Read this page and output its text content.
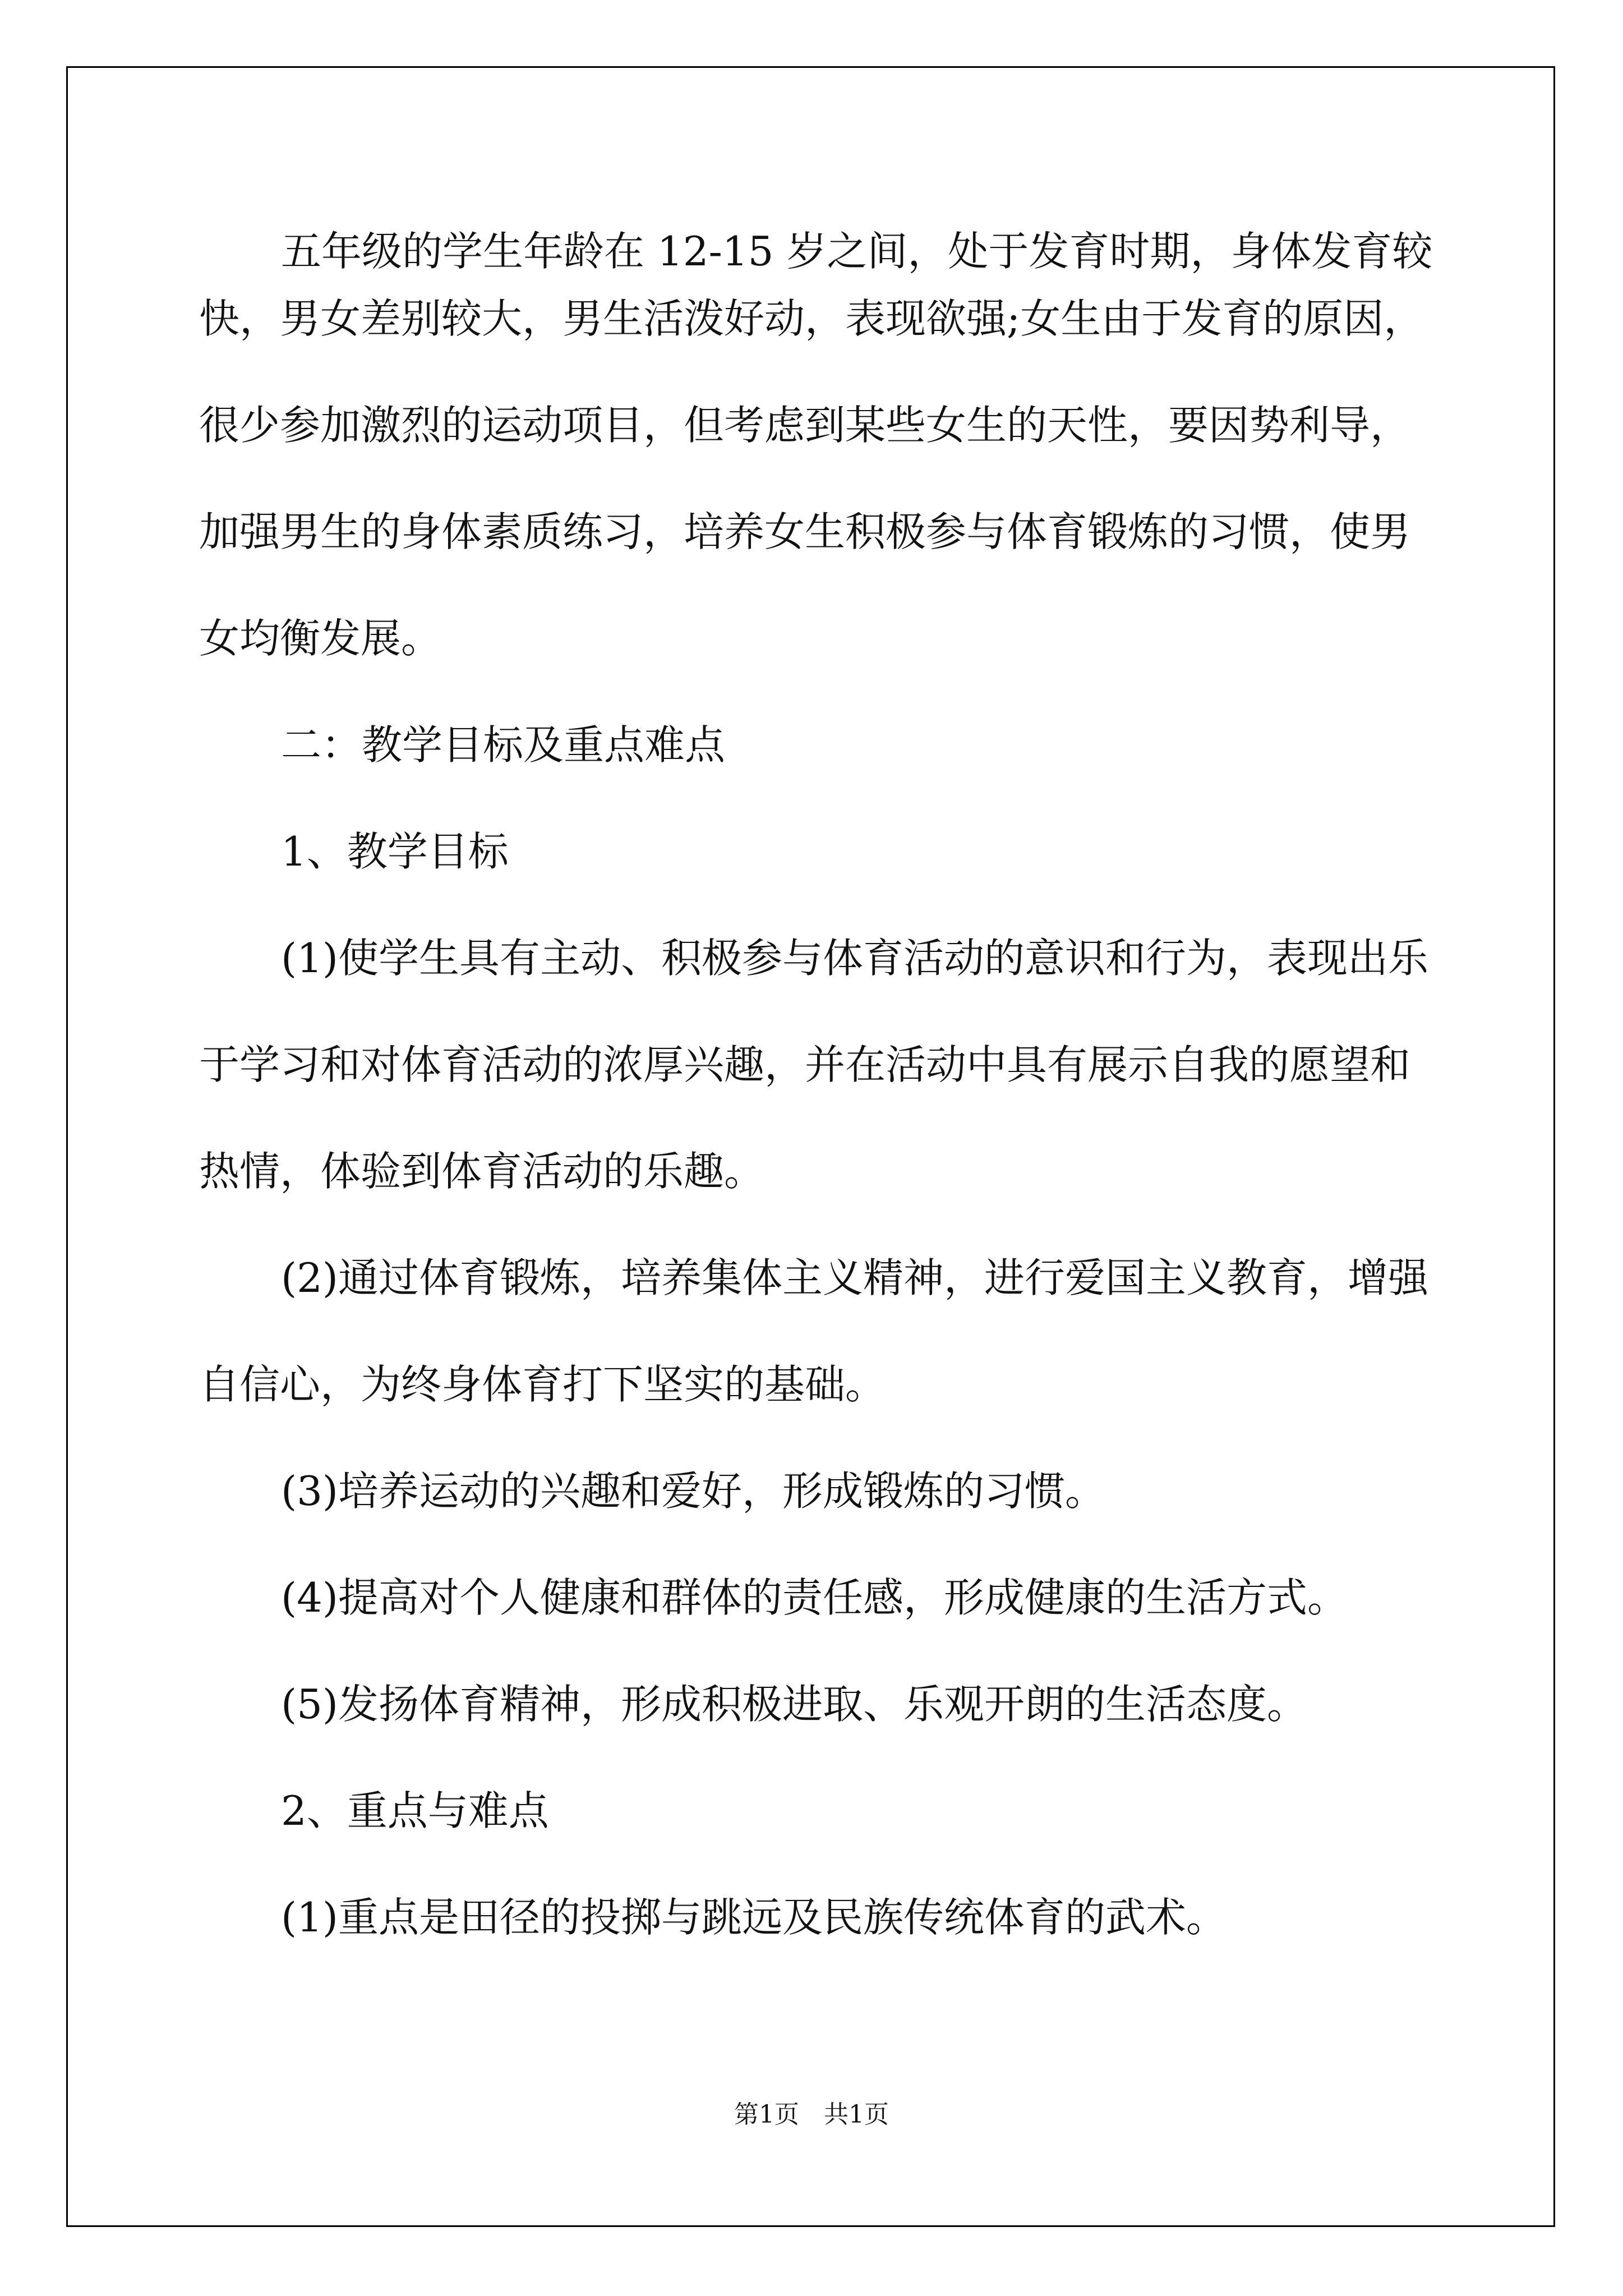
五年级的学生年龄在 12-15 岁之间，处于发育时期，身体发育较
快，男女差别较大，男生活泼好动，表现欲强;女生由于发育的原因，
很少参加激烈的运动项目，但考虑到某些女生的天性，要因势利导，
加强男生的身体素质练习，培养女生积极参与体育锻炼的习惯，使男
女均衡发展。
二：教学目标及重点难点
1、教学目标
(1)使学生具有主动、积极参与体育活动的意识和行为，表现出乐
于学习和对体育活动的浓厚兴趣，并在活动中具有展示自我的愿望和
热情，体验到体育活动的乐趣。
(2)通过体育锻炼，培养集体主义精神，进行爱国主义教育，增强
自信心，为终身体育打下坚实的基础。
(3)培养运动的兴趣和爱好，形成锻炼的习惯。
(4)提高对个人健康和群体的责任感，形成健康的生活方式。
(5)发扬体育精神，形成积极进取、乐观开朗的生活态度。
2、重点与难点
(1)重点是田径的投掷与跳远及民族传统体育的武术。
第1页　共1页
